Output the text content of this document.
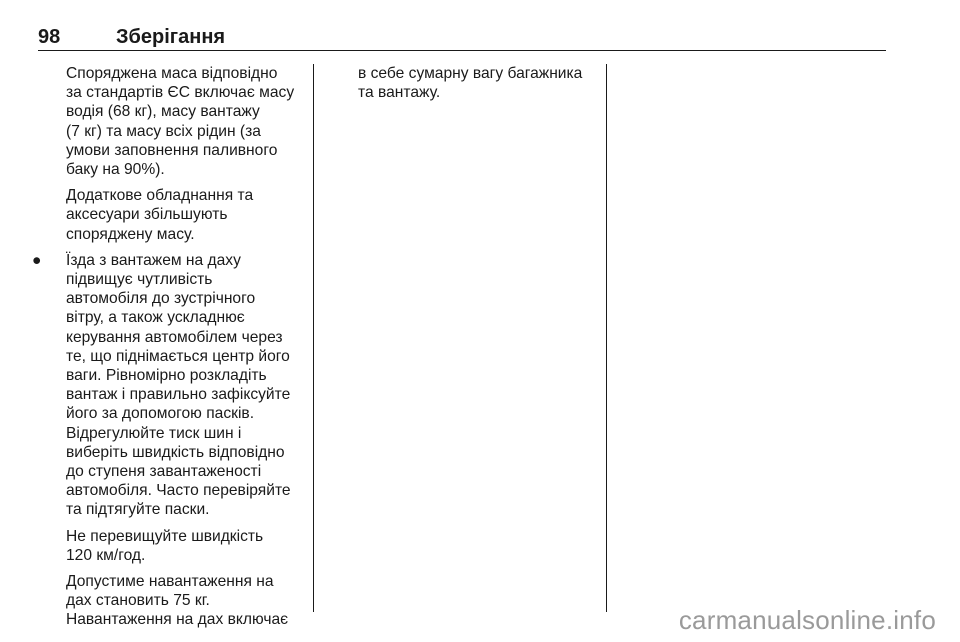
98	Зберігання

Споряджена маса відповідно
за стандартів ЄС включає масу
водія (68 кг), масу вантажу
(7 кг) та масу всіх рідин (за
умови заповнення паливного
баку на 90%).

Додаткове обладнання та
аксесуари збільшують
споряджену масу.

● Їзда з вантажем на даху
підвищує чутливість
автомобіля до зустрічного
вітру, а також ускладнює
керування автомобілем через
те, що піднімається центр його
ваги. Рівномірно розкладіть
вантаж і правильно зафіксуйте
його за допомогою пасків.
Відрегулюйте тиск шин і
виберіть швидкість відповідно
до ступеня завантаженості
автомобіля. Часто перевіряйте
та підтягуйте паски.

Не перевищуйте швидкість
120 км/год.

Допустиме навантаження на
дах становить 75 кг.
Навантаження на дах включає

в себе сумарну вагу багажника
та вантажу.

carmanualsonline.info
